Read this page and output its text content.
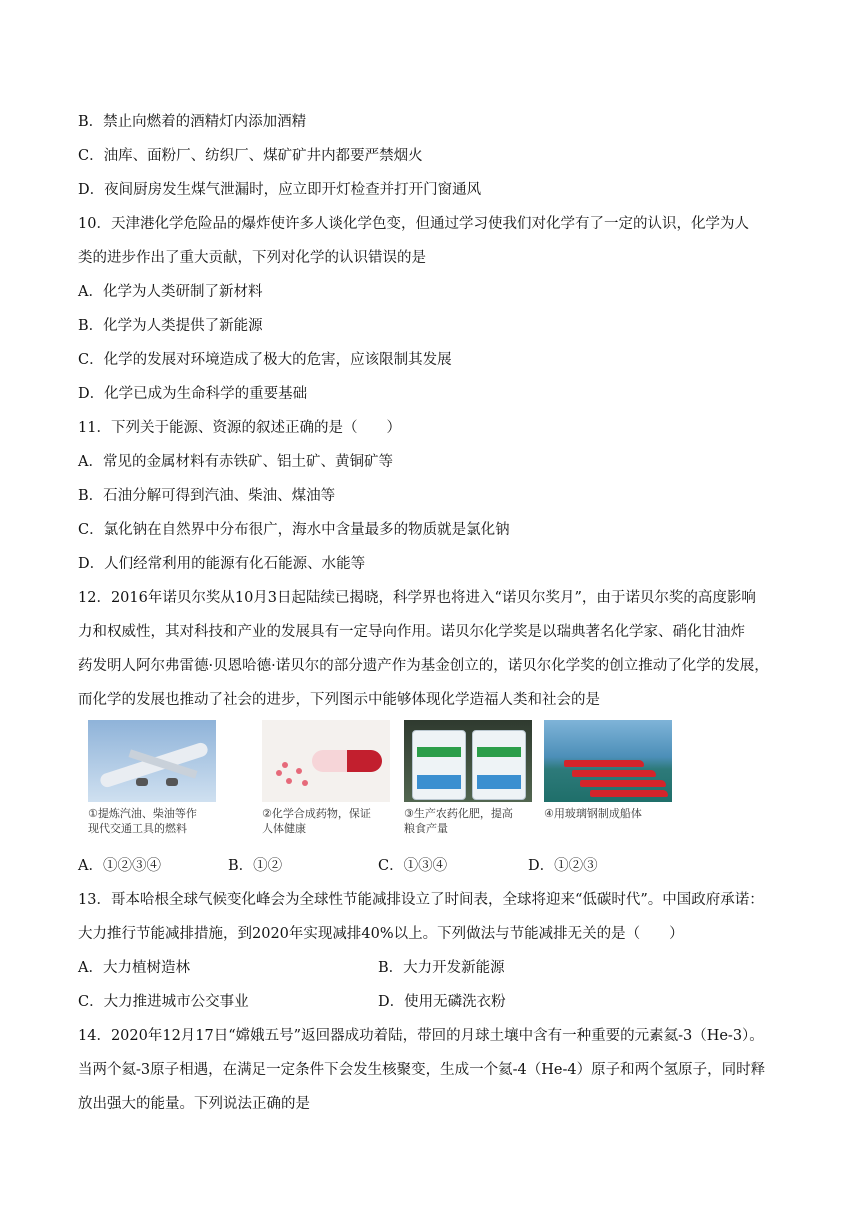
B．禁止向燃着的酒精灯内添加酒精
C．油库、面粉厂、纺织厂、煤矿矿井内都要严禁烟火
D．夜间厨房发生煤气泄漏时，应立即开灯检查并打开门窗通风
10．天津港化学危险品的爆炸使许多人谈化学色变，但通过学习使我们对化学有了一定的认识，化学为人
类的进步作出了重大贡献，下列对化学的认识错误的是
A．化学为人类研制了新材料
B．化学为人类提供了新能源
C．化学的发展对环境造成了极大的危害，应该限制其发展
D．化学已成为生命科学的重要基础
11．下列关于能源、资源的叙述正确的是（　　）
A．常见的金属材料有赤铁矿、铝土矿、黄铜矿等
B．石油分解可得到汽油、柴油、煤油等
C．氯化钠在自然界中分布很广，海水中含量最多的物质就是氯化钠
D．人们经常利用的能源有化石能源、水能等
12．2016年诺贝尔奖从10月3日起陆续已揭晓，科学界也将进入“诺贝尔奖月”，由于诺贝尔奖的高度影响
力和权威性，其对科技和产业的发展具有一定导向作用。诺贝尔化学奖是以瑞典著名化学家、硝化甘油炸
药发明人阿尔弗雷德·贝恩哈德·诺贝尔的部分遗产作为基金创立的，诺贝尔化学奖的创立推动了化学的发展，
而化学的发展也推动了社会的进步，下列图示中能够体现化学造福人类和社会的是
①提炼汽油、柴油等作
现代交通工具的燃料
②化学合成药物，保证
人体健康
③生产农药化肥，提高
粮食产量
④用玻璃钢制成船体
A．①②③④	B．①②	C．①③④	D．①②③
13．哥本哈根全球气候变化峰会为全球性节能减排设立了时间表，全球将迎来“低碳时代”。中国政府承诺：
大力推行节能减排措施，到2020年实现减排40%以上。下列做法与节能减排无关的是（　　）
A．大力植树造林	B．大力开发新能源
C．大力推进城市公交事业	D．使用无磷洗衣粉
14．2020年12月17日“嫦娥五号”返回器成功着陆，带回的月球土壤中含有一种重要的元素氦-3（He-3）。
当两个氦-3原子相遇，在满足一定条件下会发生核聚变，生成一个氦-4（He-4）原子和两个氢原子，同时释
放出强大的能量。下列说法正确的是
